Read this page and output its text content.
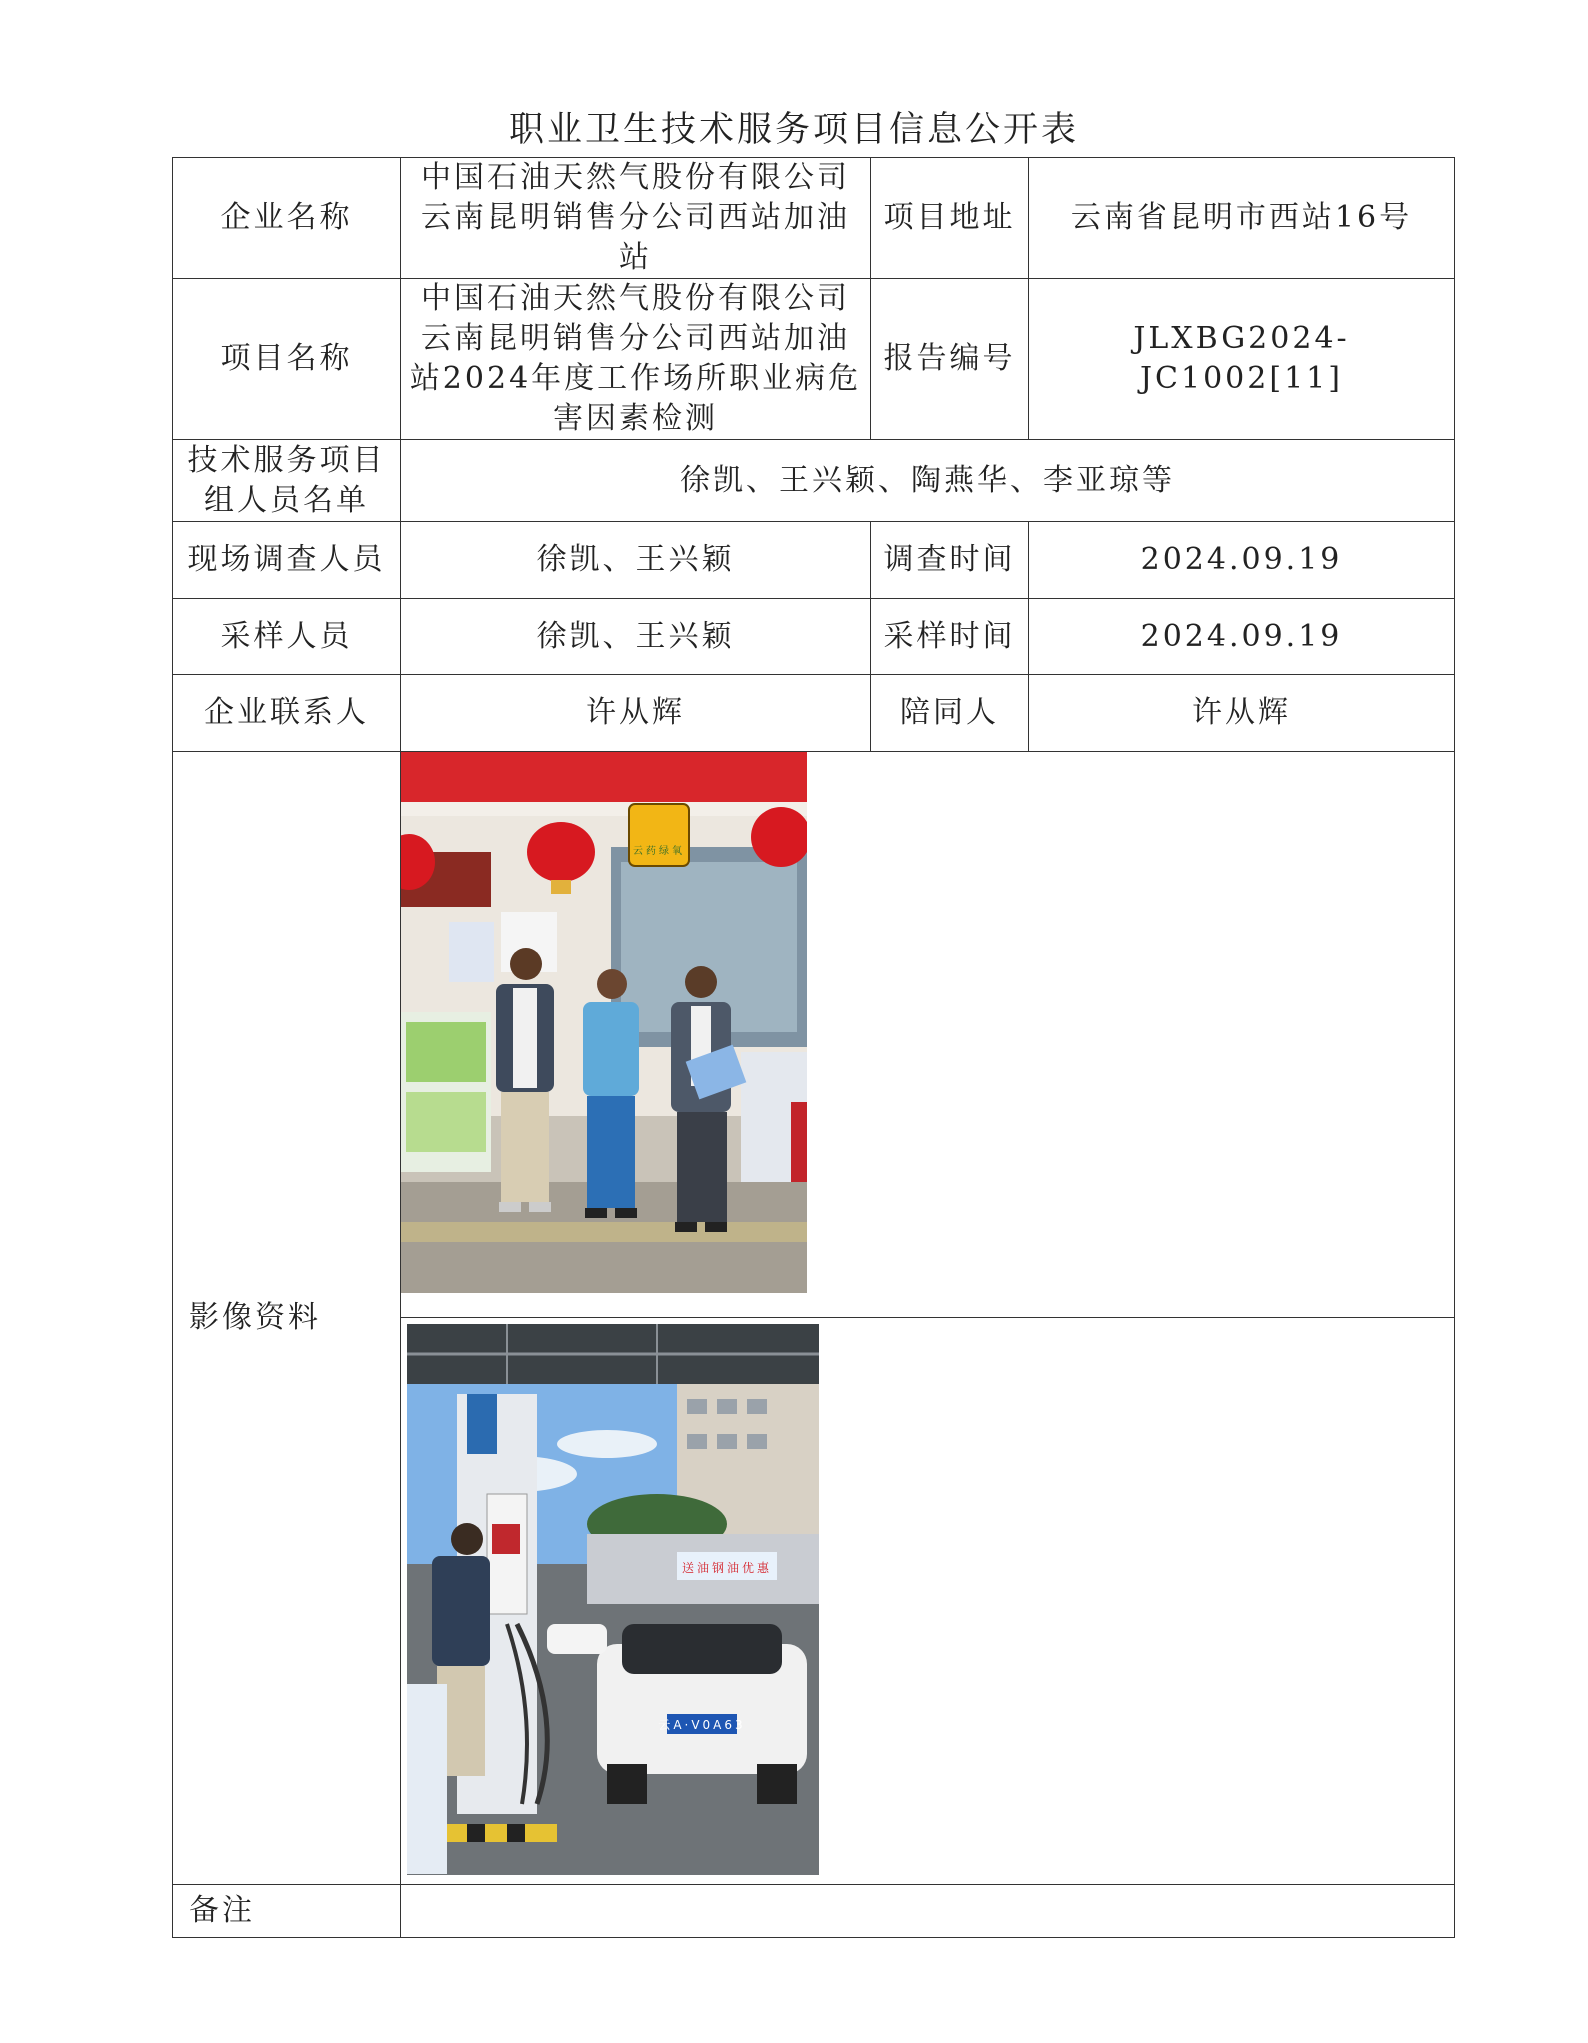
职业卫生技术服务项目信息公开表
企业名称	中国石油天然气股份有限公司云南昆明销售分公司西站加油站	项目地址	云南省昆明市西站16号
项目名称	中国石油天然气股份有限公司云南昆明销售分公司西站加油站2024年度工作场所职业病危害因素检测	报告编号	JLXBG2024-JC1002[11]
技术服务项目组人员名单	徐凯、王兴颖、陶燕华、李亚琼等		
现场调查人员	徐凯、王兴颖	调查时间	2024.09.19
采样人员	徐凯、王兴颖	采样时间	2024.09.19
企业联系人	许从辉	陪同人	许从辉
影像资料	云药绿氧
送油钢油优惠
云A·V0A63		

备注			
